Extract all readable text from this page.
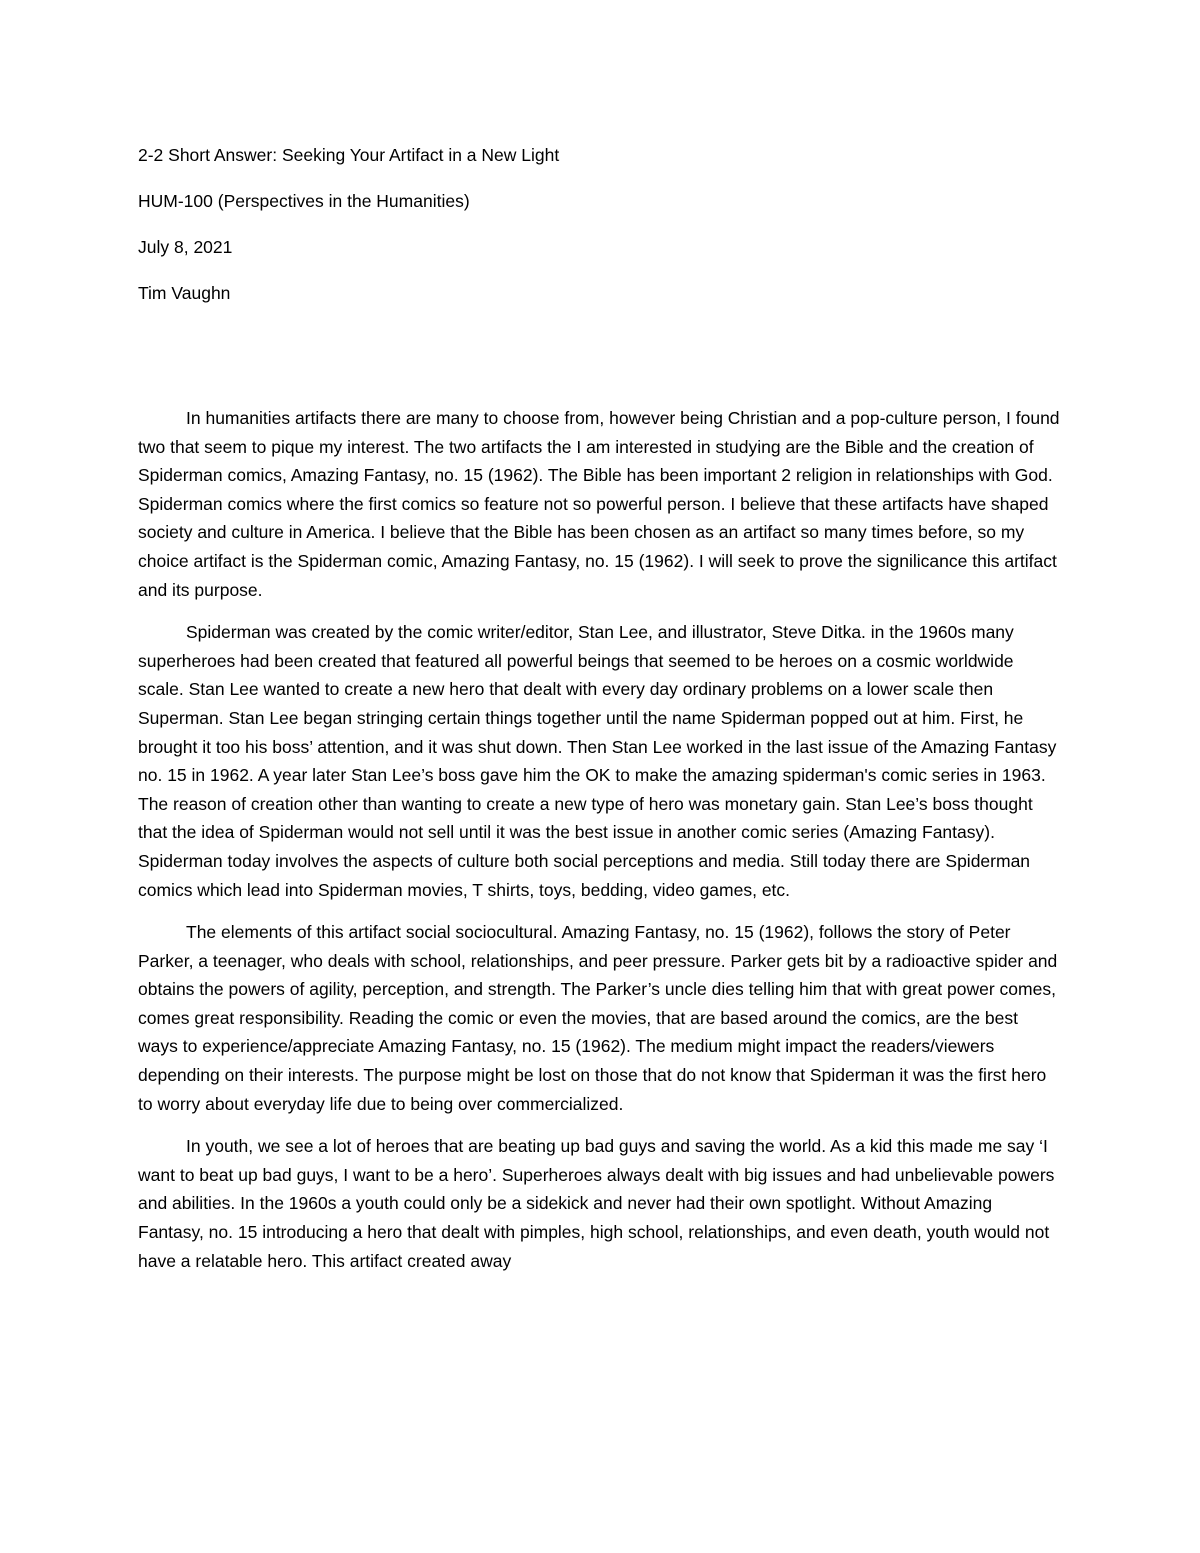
2-2 Short Answer: Seeking Your Artifact in a New Light
HUM-100 (Perspectives in the Humanities)
July 8, 2021
Tim Vaughn

In humanities artifacts there are many to choose from, however being Christian and a pop-culture person, I found two that seem to pique my interest. The two artifacts the I am interested in studying are the Bible and the creation of Spiderman comics, Amazing Fantasy, no. 15 (1962). The Bible has been important 2 religion in relationships with God. Spiderman comics where the first comics so feature not so powerful person. I believe that these artifacts have shaped society and culture in America. I believe that the Bible has been chosen as an artifact so many times before, so my choice artifact is the Spiderman comic, Amazing Fantasy, no. 15 (1962). I will seek to prove the signilicance this artifact and its purpose.

Spiderman was created by the comic writer/editor, Stan Lee, and illustrator, Steve Ditka. in the 1960s many superheroes had been created that featured all powerful beings that seemed to be heroes on a cosmic worldwide scale. Stan Lee wanted to create a new hero that dealt with every day ordinary problems on a lower scale then Superman. Stan Lee began stringing certain things together until the name Spiderman popped out at him. First, he brought it too his boss’ attention, and it was shut down. Then Stan Lee worked in the last issue of the Amazing Fantasy no. 15 in 1962. A year later Stan Lee’s boss gave him the OK to make the amazing spiderman's comic series in 1963. The reason of creation other than wanting to create a new type of hero was monetary gain. Stan Lee’s boss thought that the idea of Spiderman would not sell until it was the best issue in another comic series (Amazing Fantasy). Spiderman today involves the aspects of culture both social perceptions and media. Still today there are Spiderman comics which lead into Spiderman movies, T shirts, toys, bedding, video games, etc.

The elements of this artifact social sociocultural. Amazing Fantasy, no. 15 (1962), follows the story of Peter Parker, a teenager, who deals with school, relationships, and peer pressure. Parker gets bit by a radioactive spider and obtains the powers of agility, perception, and strength. The Parker’s uncle dies telling him that with great power comes, comes great responsibility. Reading the comic or even the movies, that are based around the comics, are the best ways to experience/appreciate Amazing Fantasy, no. 15 (1962). The medium might impact the readers/viewers depending on their interests. The purpose might be lost on those that do not know that Spiderman it was the first hero to worry about everyday life due to being over commercialized.

In youth, we see a lot of heroes that are beating up bad guys and saving the world. As a kid this made me say ‘I want to beat up bad guys, I want to be a hero’. Superheroes always dealt with big issues and had unbelievable powers and abilities. In the 1960s a youth could only be a sidekick and never had their own spotlight. Without Amazing Fantasy, no. 15 introducing a hero that dealt with pimples, high school, relationships, and even death, youth would not have a relatable hero. This artifact created away
